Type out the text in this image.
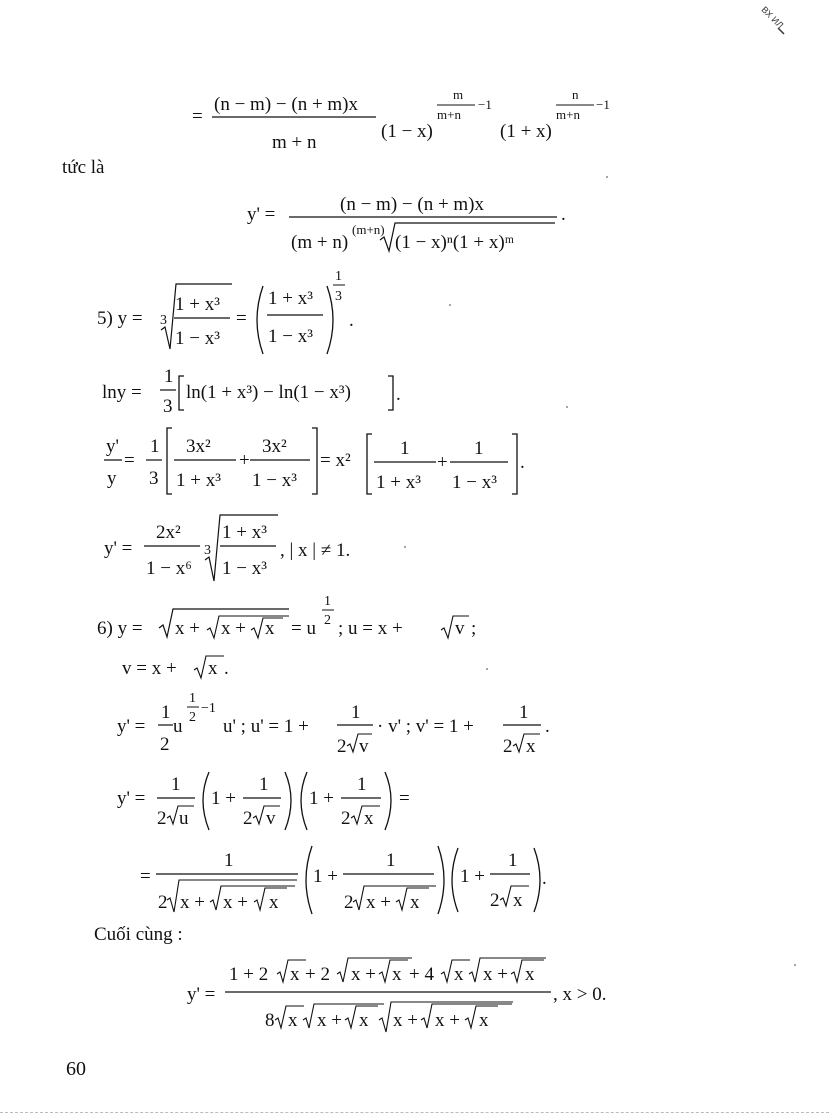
ВХ ИЛ
=
(n − m) − (n + m)x
m + n
(1 − x)
m
m+n
−1
(1 + x)
n
m+n
−1
tức là
y' =	(n − m) − (n + m)x
(m + n)
(m+n)
(1 − x)ⁿ(1 + x)ᵐ
.
5) y = 3
1 + x³
1 − x³
=
1 + x³
1 − x³
1
3
.
lny =
1
3
ln(1 + x³) − ln(1 − x³) .
y'
y
=
1
3
3x²
1 + x³
+
3x²
1 − x³
= x²
1
1 + x³
+
1
1 − x³
.
y' =
2x²
1 − x⁶
3
1 + x³
1 − x³
, | x | ≠ 1.
6) y = x + x + x = u
1
2 ; u = x +	v ;
v = x + x .
y' =
1
2
u
1
2
−1
u' ; u' = 1 +
1
2 v
· v' ; v' = 1 +
1
2 x
.
y' =
1
2 u
1 +
1
2 v
1 +
1
2 x
=
=
1
2 x + x + x
1 +
1
2 x + x
1 +
1
2 x
.
Cuối cùng :
y' =
1 + 2 x + 2 x + x + 4 x x + x
8 x x + x x + x + x
, x > 0.
60
